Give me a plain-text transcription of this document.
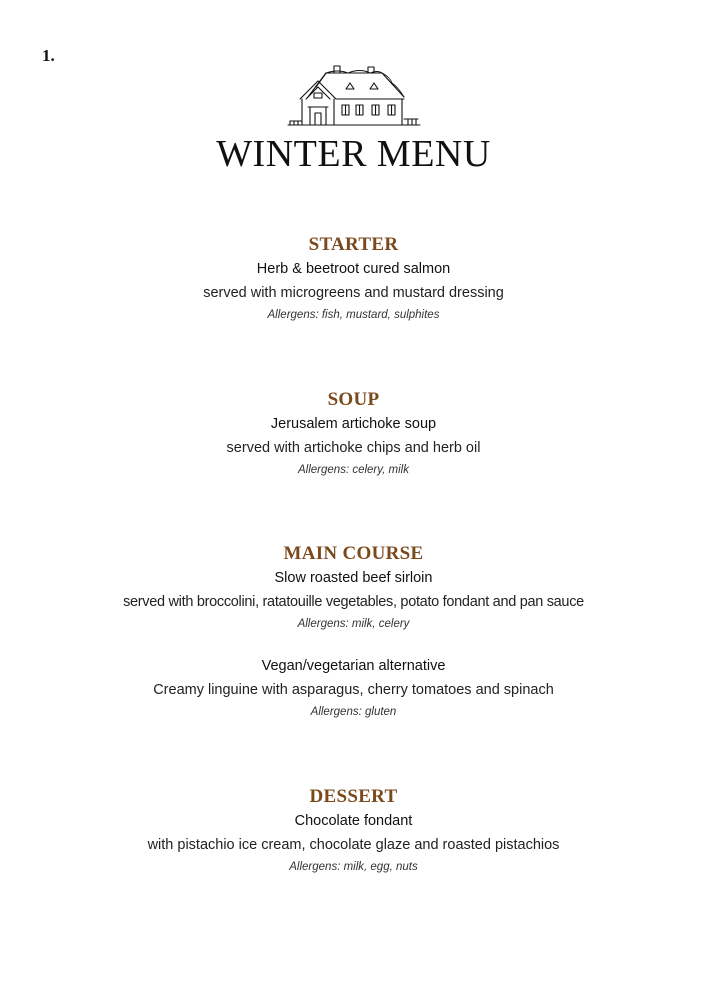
1.
WINTER MENU
STARTER
Herb & beetroot cured salmon
served with microgreens and mustard dressing
Allergens: fish, mustard, sulphites
SOUP
Jerusalem artichoke soup
served with artichoke chips and herb oil
Allergens: celery, milk
MAIN COURSE
Slow roasted beef sirloin
served with broccolini, ratatouille vegetables, potato fondant and pan sauce
Allergens: milk, celery
Vegan/vegetarian alternative
Creamy linguine with asparagus, cherry tomatoes and spinach
Allergens: gluten
DESSERT
Chocolate fondant
with pistachio ice cream, chocolate glaze and roasted pistachios
Allergens: milk, egg, nuts
